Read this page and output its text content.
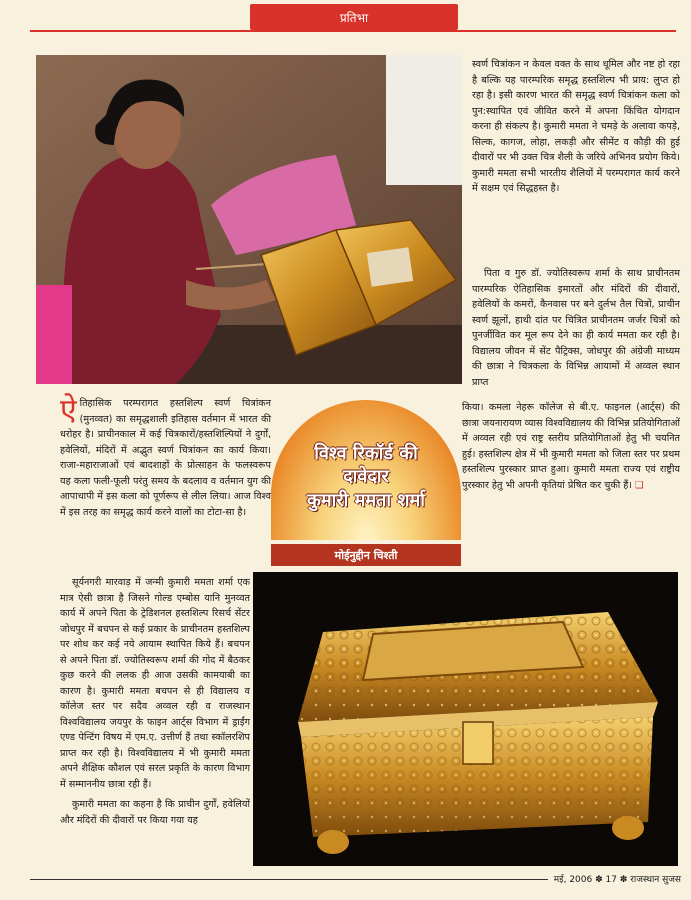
प्रतिभा

स्वर्ण चित्रांकन न केवल वक्त के साथ धूमिल और नष्ट हो रहा है बल्कि यह पारम्परिक समृद्ध हस्तशिल्प भी प्राय: लुप्त हो रहा है। इसी कारण भारत की समृद्ध स्वर्ण चित्रांकन कला को पुन:स्थापित एवं जीवित करने में अपना किंचित योगदान करना ही संकल्प है। कुमारी ममता ने चमड़े के अलावा कपड़े, सिल्क, कागज, लोहा, लकड़ी और सीमेंट व कौड़ी की हुई दीवारों पर भी उक्त चित्र शैली के जरिये अभिनव प्रयोग किये। कुमारी ममता सभी भारतीय शैलियों में परम्परागत कार्य करने में सक्षम एवं सिद्धहस्त है।

पिता व गुरु डॉ. ज्योतिस्वरूप शर्मा के साथ प्राचीनतम पारम्परिक ऐतिहासिक इमारतों और मंदिरों की दीवारों, हवेलियों के कमरों, कैनवास पर बने दुर्लभ तैल चित्रों, प्राचीन स्वर्ण झूलों, हाथी दांत पर चित्रित प्राचीनतम जर्जर चित्रों को पुनर्जीवित कर मूल रूप देने का ही कार्य ममता कर रही है। विद्यालय जीवन में सेंट पैट्रिक्स, जोधपुर की अंग्रेजी माध्यम की छात्रा ने चित्रकला के विभिन्न आयामों में अव्वल स्थान प्राप्त

ऐतिहासिक परम्परागत हस्तशिल्प स्वर्ण चित्रांकन (मुनव्वत) का समृद्धशाली इतिहास वर्तमान में भारत की धरोहर है। प्राचीनकाल में कई चित्रकारों/हस्तशिल्पियों ने दुर्गों, हवेलियों, मंदिरों में अद्भुत स्वर्ण चित्रांकन का कार्य किया। राजा-महाराजाओं एवं बादशाहों के प्रोत्साहन के फलस्वरूप यह कला फली-फूली परंतु समय के बदलाव व वर्तमान युग की आपाधापी में इस कला को पूर्णरूप से लील लिया। आज विश्व में इस तरह का समृद्ध कार्य करने वालों का टोटा-सा है।

विश्व रिकॉर्ड की
दावेदार
कुमारी ममता शर्मा
मोईनुद्दीन चिश्ती

किया। कमला नेहरू कॉलेज से बी.ए. फाइनल (आर्ट्स) की छात्रा जयनारायण व्यास विश्वविद्यालय की विभिन्न प्रतियोगिताओं में अव्वल रही एवं राष्ट्र स्तरीय प्रतियोगिताओं हेतु भी चयनित हुई। हस्तशिल्प क्षेत्र में भी कुमारी ममता को जिला स्तर पर प्रथम हस्तशिल्प पुरस्कार प्राप्त हुआ। कुमारी ममता राज्य एवं राष्ट्रीय पुरस्कार हेतु भी अपनी कृतियां प्रेषित कर चुकी हैं। ❑

सूर्यनगरी मारवाड़ में जन्मी कुमारी ममता शर्मा एक मात्र ऐसी छात्रा है जिसने गोल्ड एम्बोस यानि मुनव्वत कार्य में अपने पिता के ट्रेडिशनल हस्तशिल्प रिसर्च सेंटर जोधपुर में बचपन से कई प्रकार के प्राचीनतम हस्तशिल्प पर शोध कर कई नये आयाम स्थापित किये हैं। बचपन से अपने पिता डॉ. ज्योतिस्वरूप शर्मा की गोद में बैठकर कुछ करने की ललक ही आज उसकी कामयाबी का कारण है। कुमारी ममता बचपन से ही विद्यालय व कॉलेज स्तर पर सदैव अव्वल रही व राजस्थान विश्वविद्यालय जयपुर के फाइन आर्ट्स विभाग में ड्राईंग एण्ड पेन्टिंग विषय में एम.ए. उत्तीर्ण हैं तथा स्कॉलरशिप प्राप्त कर रही है। विश्वविद्यालय में भी कुमारी ममता अपने शैक्षिक कौशल एवं सरल प्रकृति के कारण विभाग में सम्माननीय छात्रा रही हैं।

कुमारी ममता का कहना है कि प्राचीन दुर्गों, हवेलियों और मंदिरों की दीवारों पर किया गया यह

मई, 2006 ✽ 17 ✽ राजस्थान सुजस
